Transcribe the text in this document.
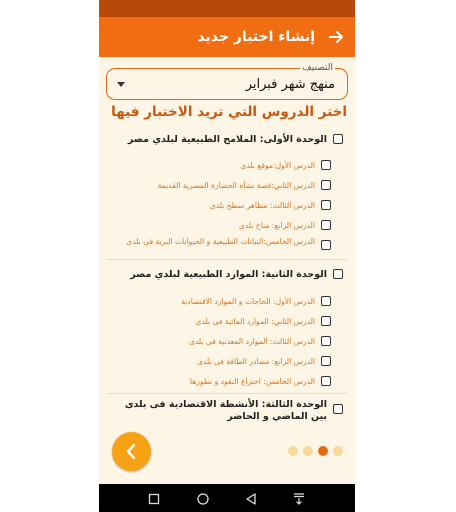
إنشاء اختبار جديد
التصنيف
منهج شهر فبراير
اختر الدروس التي تريد الاختبار فيها
الوحدة الأولى: الملامح الطبيعية لبلدي مصر
الدرس الأول:موقع بلدى
الدرس الثاني:قصة نشأه الحضارة المصرية القديمة
الدرس الثالث: مظاهر سطح بلدى
الدرس الرابع: مناخ بلدى
الدرس الخامس:النباتات الطبيعية و الحيوانات البرية فى بلدى
الوحدة الثانية: الموارد الطبيعية لبلدي مصر
الدرس الأول: الحاجات و الموارد الاقتصادية
الدرس الثاني: الموارد المائية فى بلدى
الدرس الثالث: الموارد المعدنية فى بلدى
الدرس الرابع: مصادر الطاقة فى بلدى
الدرس الخامس: اختراع النقود و تطورها
الوحدة الثالثة: الأنشطة الاقتصادية فى بلدى بين الماضي و الحاضر
